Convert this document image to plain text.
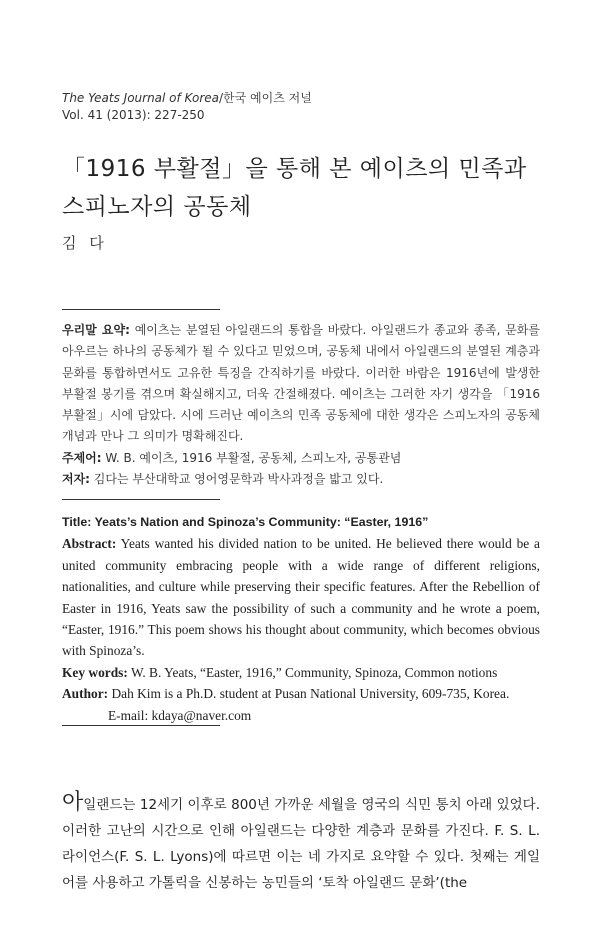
The Yeats Journal of Korea/한국 예이츠 저널
Vol. 41 (2013): 227-250
「1916 부활절」을 통해 본 예이츠의 민족과
스피노자의 공동체
김 다

우리말 요약: 예이츠는 분열된 아일랜드의 통합을 바랐다. 아일랜드가 종교와 종족, 문화를 아우르는 하나의 공동체가 될 수 있다고 믿었으며, 공동체 내에서 아일랜드의 분열된 계층과 문화를 통합하면서도 고유한 특징을 간직하기를 바랐다. 이러한 바람은 1916년에 발생한 부활절 봉기를 겪으며 확실해지고, 더욱 간절해졌다. 예이츠는 그러한 자기 생각을 「1916 부활절」시에 담았다. 시에 드러난 예이츠의 민족 공동체에 대한 생각은 스피노자의 공동체 개념과 만나 그 의미가 명확해진다.

주제어: W. B. 예이츠, 1916 부활절, 공동체, 스피노자, 공통관념

저자: 김다는 부산대학교 영어영문학과 박사과정을 밟고 있다.

Title: Yeats’s Nation and Spinoza’s Community: “Easter, 1916”

Abstract: Yeats wanted his divided nation to be united. He believed there would be a united community embracing people with a wide range of different religions, nationalities, and culture while preserving their specific features. After the Rebellion of Easter in 1916, Yeats saw the possibility of such a community and he wrote a poem, “Easter, 1916.” This poem shows his thought about community, which becomes obvious with Spinoza’s.

Key words: W. B. Yeats, “Easter, 1916,” Community, Spinoza, Common notions

Author: Dah Kim is a Ph.D. student at Pusan National University, 609-735, Korea.

E-mail: kdaya@naver.com

아일랜드는 12세기 이후로 800년 가까운 세월을 영국의 식민 통치 아래 있었다. 이러한 고난의 시간으로 인해 아일랜드는 다양한 계층과 문화를 가진다. F. S. L. 라이언스(F. S. L. Lyons)에 따르면 이는 네 가지로 요약할 수 있다. 첫째는 게일어를 사용하고 가톨릭을 신봉하는 농민들의 ‘토착 아일랜드 문화’(the
